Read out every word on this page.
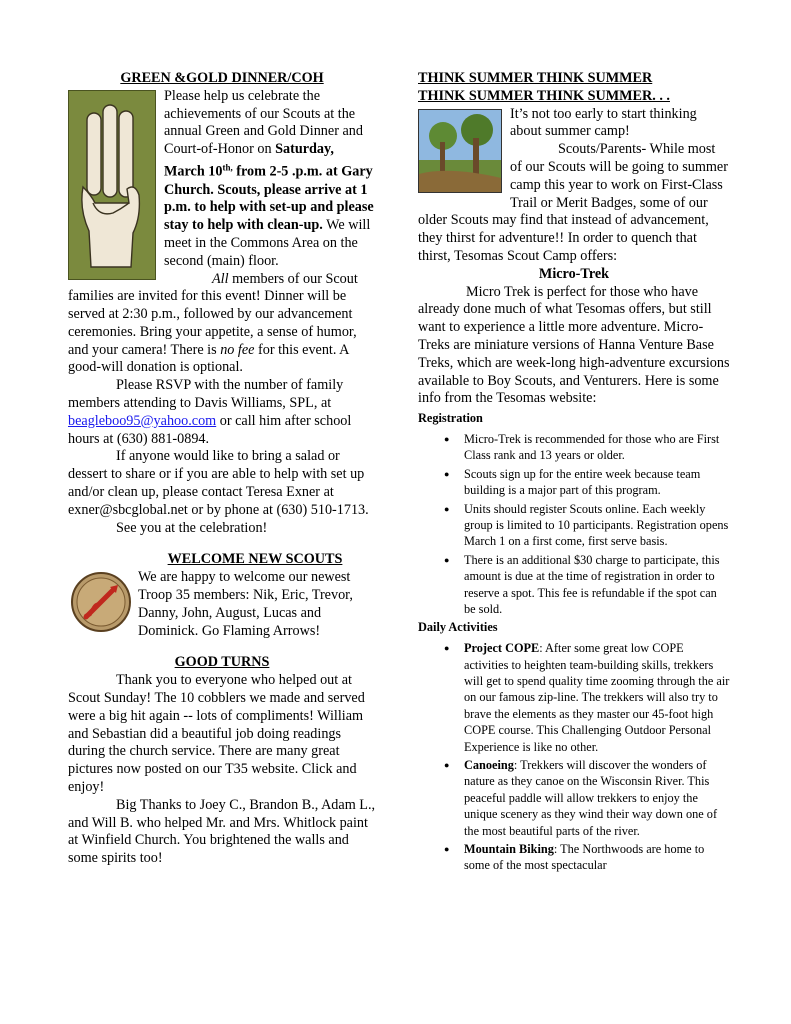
GREEN &GOLD DINNER/COH

Please help us celebrate the achievements of our Scouts at the annual Green and Gold Dinner and Court-of-Honor on Saturday, March $10^{th,}$ from 2-5 .p.m. at Gary Church. Scouts, please arrive at 1 p.m. to help with set-up and please stay to help with clean-up. We will meet in the Commons Area on the second (main) floor.

All members of our Scout families are invited for this event! Dinner will be served at 2:30 p.m., followed by our advancement ceremonies. Bring your appetite, a sense of humor, and your camera! There is no fee for this event. A good-will donation is optional.

Please RSVP with the number of family members attending to Davis Williams, SPL, at beagleboo95@yahoo.com or call him after school hours at (630) 881-0894.

If anyone would like to bring a salad or dessert to share or if you are able to help with set up and/or clean up, please contact Teresa Exner at exner@sbcglobal.net or by phone at (630) 510-1713.

See you at the celebration!

WELCOME NEW SCOUTS

We are happy to welcome our newest Troop 35 members: Nik, Eric, Trevor, Danny, John, August, Lucas and Dominick. Go Flaming Arrows!

GOOD TURNS

Thank you to everyone who helped out at Scout Sunday! The 10 cobblers we made and served were a big hit again -- lots of compliments! William and Sebastian did a beautiful job doing readings during the church service. There are many great pictures now posted on our T35 website. Click and enjoy!

Big Thanks to Joey C., Brandon B., Adam L., and Will B. who helped Mr. and Mrs. Whitlock paint at Winfield Church. You brightened the walls and some spirits too!

THINK SUMMER THINK SUMMER

THINK SUMMER THINK SUMMER. . .

It’s not too early to start thinking about summer camp!

Scouts/Parents- While most of our Scouts will be going to summer camp this year to work on First-Class Trail or Merit Badges, some of our older Scouts may find that instead of advancement, they thirst for adventure!! In order to quench that thirst, Tesomas Scout Camp offers:

Micro-Trek

Micro Trek is perfect for those who have already done much of what Tesomas offers, but still want to experience a little more adventure. Micro-Treks are miniature versions of Hanna Venture Base Treks, which are week-long high-adventure excursions available to Boy Scouts, and Venturers. Here is some info from the Tesomas website:

Registration

● Micro-Trek is recommended for those who are First Class rank and 13 years or older.
● Scouts sign up for the entire week because team building is a major part of this program.
● Units should register Scouts online. Each weekly group is limited to 10 participants. Registration opens March 1 on a first come, first serve basis.
● There is an additional $30 charge to participate, this amount is due at the time of registration in order to reserve a spot. This fee is refundable if the spot can be sold.

Daily Activities

● Project COPE: After some great low COPE activities to heighten team-building skills, trekkers will get to spend quality time zooming through the air on our famous zip-line. The trekkers will also try to brave the elements as they master our 45-foot high COPE course. This Challenging Outdoor Personal Experience is like no other.
● Canoeing: Trekkers will discover the wonders of nature as they canoe on the Wisconsin River. This peaceful paddle will allow trekkers to enjoy the unique scenery as they wind their way down one of the most beautiful parts of the river.
● Mountain Biking: The Northwoods are home to some of the most spectacular
